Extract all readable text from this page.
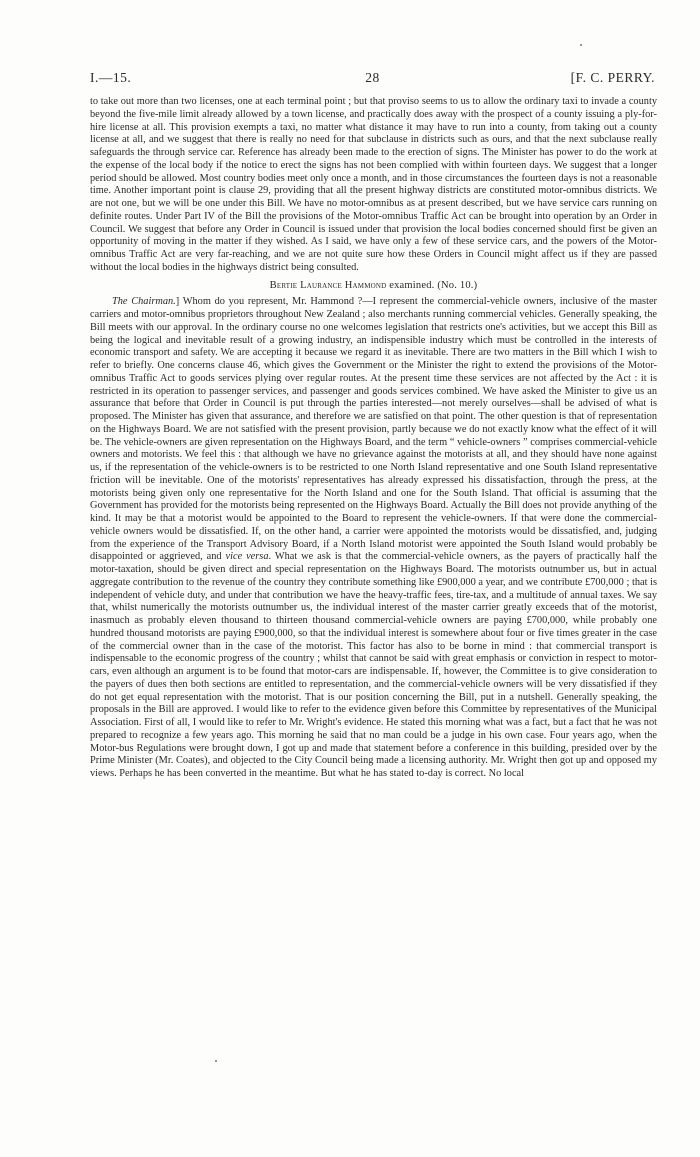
I.—15.	28	[F. C. PERRY.

to take out more than two licenses, one at each terminal point ; but that proviso seems to us to allow the ordinary taxi to invade a county beyond the five-mile limit already allowed by a town license, and practically does away with the prospect of a county issuing a ply-for-hire license at all. This provision exempts a taxi, no matter what distance it may have to run into a county, from taking out a county license at all, and we suggest that there is really no need for that subclause in districts such as ours, and that the next subclause really safeguards the through service car. Reference has already been made to the erection of signs. The Minister has power to do the work at the expense of the local body if the notice to erect the signs has not been complied with within fourteen days. We suggest that a longer period should be allowed. Most country bodies meet only once a month, and in those circumstances the fourteen days is not a reasonable time. Another important point is clause 29, providing that all the present highway districts are constituted motor-omnibus districts. We are not one, but we will be one under this Bill. We have no motor-omnibus as at present described, but we have service cars running on definite routes. Under Part IV of the Bill the provisions of the Motor-omnibus Traffic Act can be brought into operation by an Order in Council. We suggest that before any Order in Council is issued under that provision the local bodies concerned should first be given an opportunity of moving in the matter if they wished. As I said, we have only a few of these service cars, and the powers of the Motor-omnibus Traffic Act are very far-reaching, and we are not quite sure how these Orders in Council might affect us if they are passed without the local bodies in the highways district being consulted.

Bertie Laurance Hammond examined. (No. 10.)

The Chairman.] Whom do you represent, Mr. Hammond ?—I represent the commercial-vehicle owners, inclusive of the master carriers and motor-omnibus proprietors throughout New Zealand ; also merchants running commercial vehicles. Generally speaking, the Bill meets with our approval. In the ordinary course no one welcomes legislation that restricts one's activities, but we accept this Bill as being the logical and inevitable result of a growing industry, an indispensible industry which must be controlled in the interests of economic transport and safety. We are accepting it because we regard it as inevitable. There are two matters in the Bill which I wish to refer to briefly. One concerns clause 46, which gives the Government or the Minister the right to extend the provisions of the Motor-omnibus Traffic Act to goods services plying over regular routes. At the present time these services are not affected by the Act : it is restricted in its operation to passenger services, and passenger and goods services combined. We have asked the Minister to give us an assurance that before that Order in Council is put through the parties interested—not merely ourselves—shall be advised of what is proposed. The Minister has given that assurance, and therefore we are satisfied on that point. The other question is that of representation on the Highways Board. We are not satisfied with the present provision, partly because we do not exactly know what the effect of it will be. The vehicle-owners are given representation on the Highways Board, and the term “ vehicle-owners ” comprises commercial-vehicle owners and motorists. We feel this : that although we have no grievance against the motorists at all, and they should have none against us, if the representation of the vehicle-owners is to be restricted to one North Island representative and one South Island representative friction will be inevitable. One of the motorists' representatives has already expressed his dissatisfaction, through the press, at the motorists being given only one representative for the North Island and one for the South Island. That official is assuming that the Government has provided for the motorists being represented on the Highways Board. Actually the Bill does not provide anything of the kind. It may be that a motorist would be appointed to the Board to represent the vehicle-owners. If that were done the commercial-vehicle owners would be dissatisfied. If, on the other hand, a carrier were appointed the motorists would be dissatisfied, and, judging from the experience of the Transport Advisory Board, if a North Island motorist were appointed the South Island would probably be disappointed or aggrieved, and vice versa. What we ask is that the commercial-vehicle owners, as the payers of practically half the motor-taxation, should be given direct and special representation on the Highways Board. The motorists outnumber us, but in actual aggregate contribution to the revenue of the country they contribute something like £900,000 a year, and we contribute £700,000 ; that is independent of vehicle duty, and under that contribution we have the heavy-traffic fees, tire-tax, and a multitude of annual taxes. We say that, whilst numerically the motorists outnumber us, the individual interest of the master carrier greatly exceeds that of the motorist, inasmuch as probably eleven thousand to thirteen thousand commercial-vehicle owners are paying £700,000, while probably one hundred thousand motorists are paying £900,000, so that the individual interest is somewhere about four or five times greater in the case of the commercial owner than in the case of the motorist. This factor has also to be borne in mind : that commercial transport is indispensable to the economic progress of the country ; whilst that cannot be said with great emphasis or conviction in respect to motor-cars, even although an argument is to be found that motor-cars are indispensable. If, however, the Committee is to give consideration to the payers of dues then both sections are entitled to representation, and the commercial-vehicle owners will be very dissatisfied if they do not get equal representation with the motorist. That is our position concerning the Bill, put in a nutshell. Generally speaking, the proposals in the Bill are approved. I would like to refer to the evidence given before this Committee by representatives of the Municipal Association. First of all, I would like to refer to Mr. Wright's evidence. He stated this morning what was a fact, but a fact that he was not prepared to recognize a few years ago. This morning he said that no man could be a judge in his own case. Four years ago, when the Motor-bus Regulations were brought down, I got up and made that statement before a conference in this building, presided over by the Prime Minister (Mr. Coates), and objected to the City Council being made a licensing authority. Mr. Wright then got up and opposed my views. Perhaps he has been converted in the meantime. But what he has stated to-day is correct. No local
